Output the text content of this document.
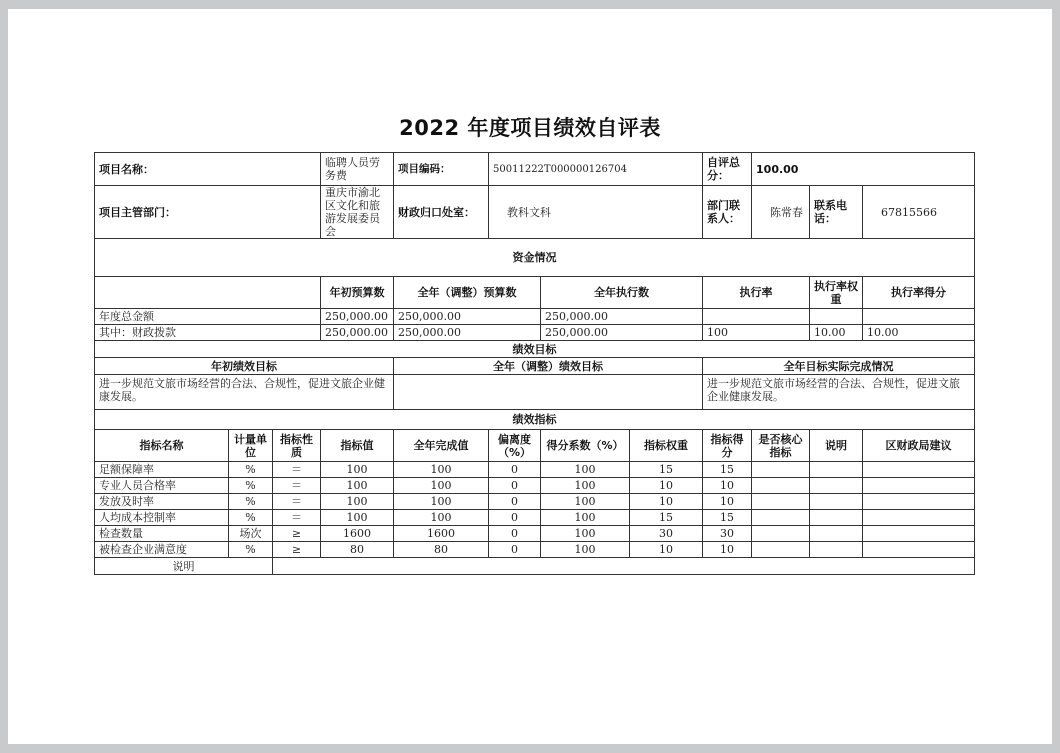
2022 年度项目绩效自评表
项目名称：			临聘人员劳务费	项目编码：	50011222T000000126704			自评总分：	100.00		
项目主管部门：			重庆市渝北区文化和旅游发展委员会	财政归口处室：	教科文科			部门联系人：	陈常春	联系电话：	67815566
资金情况											
			年初预算数	全年（调整）预算数		全年执行数		执行率		执行率权重	执行率得分
年度总金额			250,000.00	250,000.00		250,000.00					
其中：财政拨款			250,000.00	250,000.00		250,000.00		100		10.00	10.00
绩效目标											
年初绩效目标				全年（调整）绩效目标				全年目标实际完成情况			
进一步规范文旅市场经营的合法、合规性，促进文旅企业健康发展。								进一步规范文旅市场经营的合法、合规性，促进文旅企业健康发展。			
绩效指标											
指标名称	计量单位	指标性质	指标值	全年完成值	偏离度（%）	得分系数（%）	指标权重	指标得分	是否核心指标	说明	区财政局建议
足额保障率	%	＝	100	100	0	100	15	15			
专业人员合格率	%	＝	100	100	0	100	10	10			
发放及时率	%	＝	100	100	0	100	10	10			
人均成本控制率	%	＝	100	100	0	100	15	15			
检查数量	场次	≥	1600	1600	0	100	30	30			
被检查企业满意度	%	≥	80	80	0	100	10	10			
说明											
